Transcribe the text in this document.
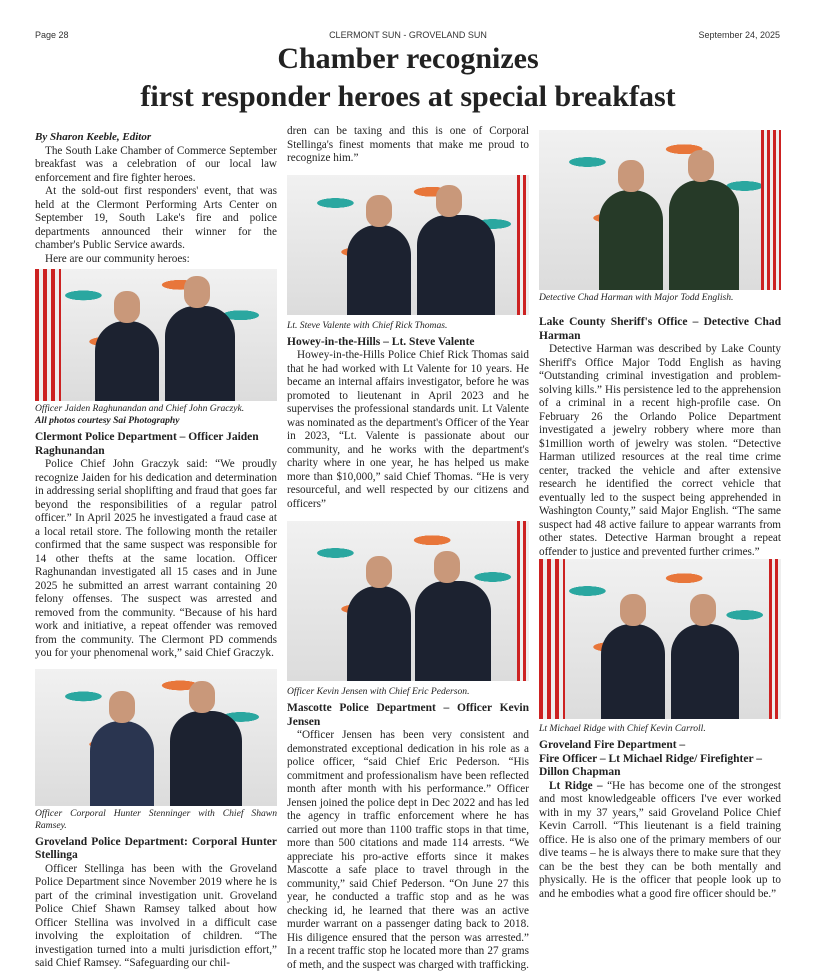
Page 28	CLERMONT SUN - GROVELAND SUN	September 24, 2025
Chamber recognizes
first responder heroes at special breakfast
By Sharon Keeble, Editor

The South Lake Chamber of Commerce September breakfast was a celebration of our local law enforcement and fire fighter heroes.

At the sold-out first responders' event, that was held at the Clermont Performing Arts Center on September 19, South Lake's fire and police departments announced their winner for the chamber's Public Service awards.

Here are our community heroes:

Officer Jaiden Raghunandan and Chief John Graczyk.
All photos courtesy Sai Photography
Clermont Police Department – Officer Jaiden Raghunandan

Police Chief John Graczyk said: “We proudly recognize Jaiden for his dedication and determination in addressing serial shoplifting and fraud that goes far beyond the responsibilities of a regular patrol officer.” In April 2025 he investigated a fraud case at a local retail store. The following month the retailer confirmed that the same suspect was responsible for 14 other thefts at the same location. Officer Raghunandan investigated all 15 cases and in June 2025 he submitted an arrest warrant containing 20 felony offenses. The suspect was arrested and removed from the community. “Because of his hard work and initiative, a repeat offender was removed from the community. The Clermont PD commends you for your phenomenal work,” said Chief Graczyk.

Officer Corporal Hunter Stenninger with Chief Shawn Ramsey.
Groveland Police Department: Corporal Hunter Stellinga

Officer Stellinga has been with the Groveland Police Department since November 2019 where he is part of the criminal investigation unit. Groveland Police Chief Shawn Ramsey talked about how Officer Stellina was involved in a difficult case involving the exploitation of children. “The investigation turned into a multi jurisdiction effort,” said Chief Ramsey. “Safeguarding our chil-

dren can be taxing and this is one of Corporal Stellinga's finest moments that make me proud to recognize him.”
Lt. Steve Valente with Chief Rick Thomas.
Howey-in-the-Hills – Lt. Steve Valente

Howey-in-the-Hills Police Chief Rick Thomas said that he had worked with Lt Valente for 10 years. He became an internal affairs investigator, before he was promoted to lieutenant in April 2023 and he supervises the professional standards unit. Lt Valente was nominated as the department's Officer of the Year in 2023, “Lt. Valente is passionate about our community, and he works with the department's charity where in one year, he has helped us make more than $10,000,” said Chief Thomas. “He is very resourceful, and well respected by our citizens and officers”

Officer Kevin Jensen with Chief Eric Pederson.
Mascotte Police Department – Officer Kevin Jensen

“Officer Jensen has been very consistent and demonstrated exceptional dedication in his role as a police officer, “said Chief Eric Pederson. “His commitment and professionalism have been reflected month after month with his performance.” Officer Jensen joined the police dept in Dec 2022 and has led the agency in traffic enforcement where he has carried out more than 1100 traffic stops in that time, more than 500 citations and made 114 arrests. “We appreciate his pro-active efforts since it makes Mascotte a safe place to travel through in the community,” said Chief Pederson. “On June 27 this year, he conducted a traffic stop and as he was checking id, he learned that there was an active murder warrant on a passenger dating back to 2018. His diligence ensured that the person was arrested.” In a recent traffic stop he located more than 27 grams of meth, and the suspect was charged with trafficking.

Detective Chad Harman with Major Todd English.
Lake County Sheriff's Office – Detective Chad Harman

Detective Harman was described by Lake County Sheriff's Office Major Todd English as having “Outstanding criminal investigation and problem-solving kills.” His persistence led to the apprehension of a criminal in a recent high-profile case. On February 26 the Orlando Police Department investigated a jewelry robbery where more than $1million worth of jewelry was stolen. “Detective Harman utilized resources at the real time crime center, tracked the vehicle and after extensive research he identified the correct vehicle that eventually led to the suspect being apprehended in Washington County,” said Major English. “The same suspect had 48 active failure to appear warrants from other states. Detective Harman brought a repeat offender to justice and prevented further crimes.”

Lt Michael Ridge with Chief Kevin Carroll.
Groveland Fire Department –
Fire Officer – Lt Michael Ridge/ Firefighter – Dillon Chapman

Lt Ridge – “He has become one of the strongest and most knowledgeable officers I've ever worked with in my 37 years,” said Groveland Police Chief Kevin Carroll. “This lieutenant is a field training office. He is also one of the primary members of our dive teams – he is always there to make sure that they can be the best they can be both mentally and physically. He is the officer that people look up to and he embodies what a good fire officer should be.”
